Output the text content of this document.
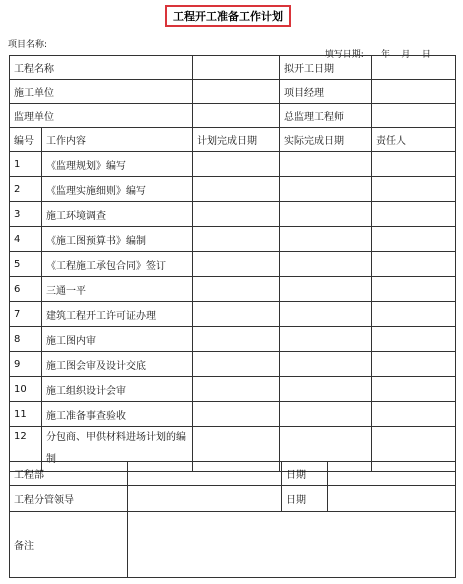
工程开工准备工作计划
项目名称:

填写日期: 年 月 日

工程名称			拟开工日期	
施工单位			项目经理	
监理单位			总监理工程师	
编号	工作内容	计划完成日期	实际完成日期	责任人
1	《监理规划》编写			
2	《监理实施细则》编写			
3	施工环境调查			
4	《施工图预算书》编制			
5	《工程施工承包合同》签订			
6	三通一平			
7	建筑工程开工许可证办理			
8	施工图内审			
9	施工图会审及设计交底			
10	施工组织设计会审			
11	施工准备事查验收			
12	分包商、甲供材料进场计划的编制			
工程部		日期	
工程分管领导		日期	
备注			
